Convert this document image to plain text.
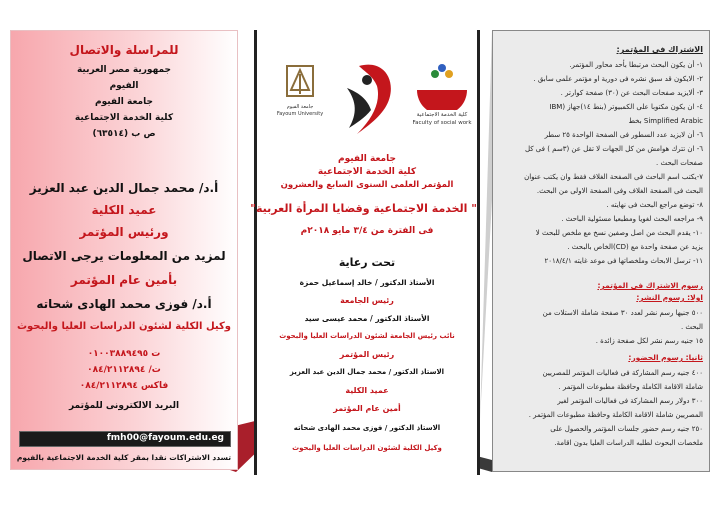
للمراسلة والاتصال
جمهورية مصر العربية
الفيوم
جامعة الفيوم
كلية الخدمة الاجتماعية
ص ب (٦٣٥١٤)
أ.د/ محمد جمال الدين عبد العزيز
عميد الكلية
ورئيس المؤتمر
لمزيد من المعلومات يرجى الاتصال
بأمين عام المؤتمر
أ.د/ فوزى محمد الهادى شحاته
وكيل الكلية لشئون الدراسات العليا والبحوث
ت ٠١٠٠٣٨٨٩٤٩٥
ت/ ٠٨٤/٢١١٢٨٩٤
فاكس ٠٨٤/٢١١٢٨٩٤
البريد الالكترونى للمؤتمر
fmh00@fayoum.edu.eg
تسدد الاشتراكات نقدا بمقر كلية الخدمة الاجتماعية بالفيوم
جامعة الفيوم
Fayoum University	كلية الخدمة الاجتماعية
Faculty of social work
جامعة الفيوم
كلية الخدمة الاجتماعية
المؤتمر العلمى السنوى السابع والعشرون
" الخدمة الاجتماعية وقضايا المرأة العربية"
فى الفترة من ٣/٤ مايو ٢٠١٨م
تحت رعاية
الأستاذ الدكتور / خالد إسماعيل حمزة
رئيس الجامعة
الأستاذ الدكتور / محمد عيسى سيد
نائب رئيس الجامعة لشئون الدراسات العليا والبحوث
رئيس المؤتمر
الاستاذ الدكتور / محمد جمال الدين عبد العزيز
عميد الكلية
أمين عام المؤتمر
الاستاذ الدكتور / فوزى محمد الهادى شحاته
وكيل الكلية لشئون الدراسات العليا والبحوث
الاشتراك فى المؤتمر:
١- أن يكون البحث مرتبطا بأحد محاور المؤتمر.
٢- الايكون قد سبق نشره فى دورية او مؤتمر علمى سابق .
٣- ألايزيد صفحات البحث عن (٣٠) صفحة كوارتر .
٤- ان يكون مكتوبا على الكمبيوتر (بنط ١٤)جهاز (IBM
بخط Simplified Arabic
٦- أن لايزيد عدد السطور فى الصفحة الواحدة ٢٥ سطر
٦- ان تترك هوامش من كل الجهات لا تقل عن (٣سم ) فى كل
صفحات البحث .
٧-يكتب اسم الباحث فى الصفحة الغلاف فقط وان يكتب عنوان
البحث فى الصفحة الغلاف وفى الصفحة الاولى من البحث.
٨- توضع مراجع البحث فى نهايته .
٩- مراجعه البحث لغويا ومطبعيا مسئولية الباحث .
١٠- يقدم البحث من اصل وصفين نسخ مع ملخص للبحث لا
يزيد عن صفحة واحدة مع (CD)الخاص بالبحث .
١١- ترسل الابحاث وملخصاتها فى موعد غايته ٢٠١٨/٤/١
رسوم الاشتراك فى المؤتمر:
اولا: رسوم النشر:
٥٠٠ جنيها رسم نشر لعدد ٣٠ صفحة شاملة الاستلات من
البحث .
١٥ جنيه رسم نشر لكل صفحة زائدة .
ثانيا: رسوم الحضور:
٤٠٠ جنيه رسم المشاركة فى فعاليات المؤتمر للمصريين
شاملة الاقامة الكاملة وحافظة مطبوعات المؤتمر .
٣٠٠ دولار رسم المشاركة فى فعاليات المؤتمر لغير
المصريين شاملة الاقامة الكاملة وحافظة مطبوعات المؤتمر .
٢٥٠ جنيه رسم حضور جلسات المؤتمر والحصول على
ملخصات البحوث لطلبه الدراسات العليا بدون اقامة.
